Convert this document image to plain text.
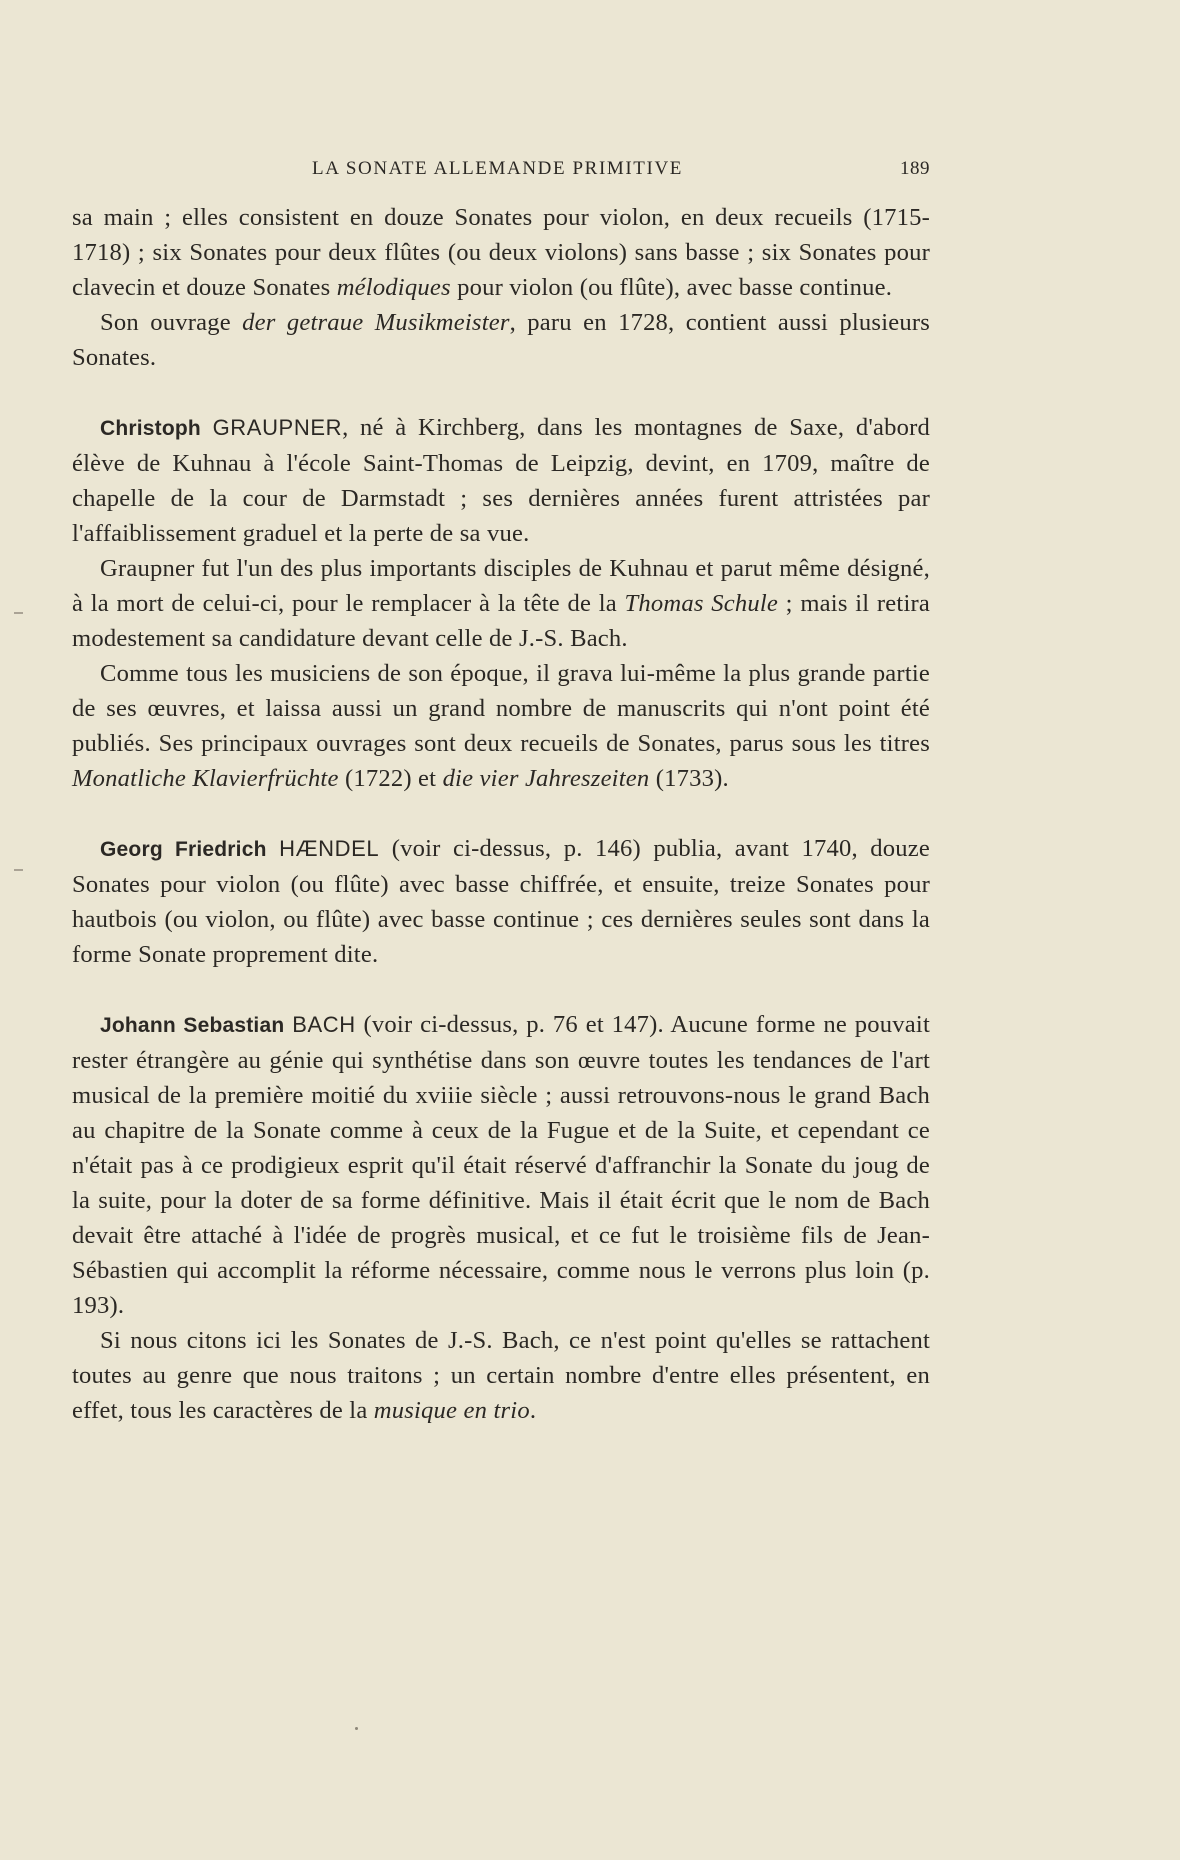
LA SONATE ALLEMANDE PRIMITIVE	189

sa main ; elles consistent en douze Sonates pour violon, en deux recueils (1715-1718) ; six Sonates pour deux flûtes (ou deux violons) sans basse ; six Sonates pour clavecin et douze Sonates mélodiques pour violon (ou flûte), avec basse continue.

Son ouvrage der getraue Musikmeister, paru en 1728, contient aussi plusieurs Sonates.

Christoph GRAUPNER, né à Kirchberg, dans les montagnes de Saxe, d'abord élève de Kuhnau à l'école Saint-Thomas de Leipzig, devint, en 1709, maître de chapelle de la cour de Darmstadt ; ses dernières années furent attristées par l'affaiblissement graduel et la perte de sa vue.

Graupner fut l'un des plus importants disciples de Kuhnau et parut même désigné, à la mort de celui-ci, pour le remplacer à la tête de la Thomas Schule ; mais il retira modestement sa candidature devant celle de J.-S. Bach.

Comme tous les musiciens de son époque, il grava lui-même la plus grande partie de ses œuvres, et laissa aussi un grand nombre de manuscrits qui n'ont point été publiés. Ses principaux ouvrages sont deux recueils de Sonates, parus sous les titres Monatliche Klavierfrüchte (1722) et die vier Jahreszeiten (1733).

Georg Friedrich HÆNDEL (voir ci-dessus, p. 146) publia, avant 1740, douze Sonates pour violon (ou flûte) avec basse chiffrée, et ensuite, treize Sonates pour hautbois (ou violon, ou flûte) avec basse continue ; ces dernières seules sont dans la forme Sonate proprement dite.

Johann Sebastian BACH (voir ci-dessus, p. 76 et 147). Aucune forme ne pouvait rester étrangère au génie qui synthétise dans son œuvre toutes les tendances de l'art musical de la première moitié du xviiie siècle ; aussi retrouvons-nous le grand Bach au chapitre de la Sonate comme à ceux de la Fugue et de la Suite, et cependant ce n'était pas à ce prodigieux esprit qu'il était réservé d'affranchir la Sonate du joug de la suite, pour la doter de sa forme définitive. Mais il était écrit que le nom de Bach devait être attaché à l'idée de progrès musical, et ce fut le troisième fils de Jean-Sébastien qui accomplit la réforme nécessaire, comme nous le verrons plus loin (p. 193).

Si nous citons ici les Sonates de J.-S. Bach, ce n'est point qu'elles se rattachent toutes au genre que nous traitons ; un certain nombre d'entre elles présentent, en effet, tous les caractères de la musique en trio.
